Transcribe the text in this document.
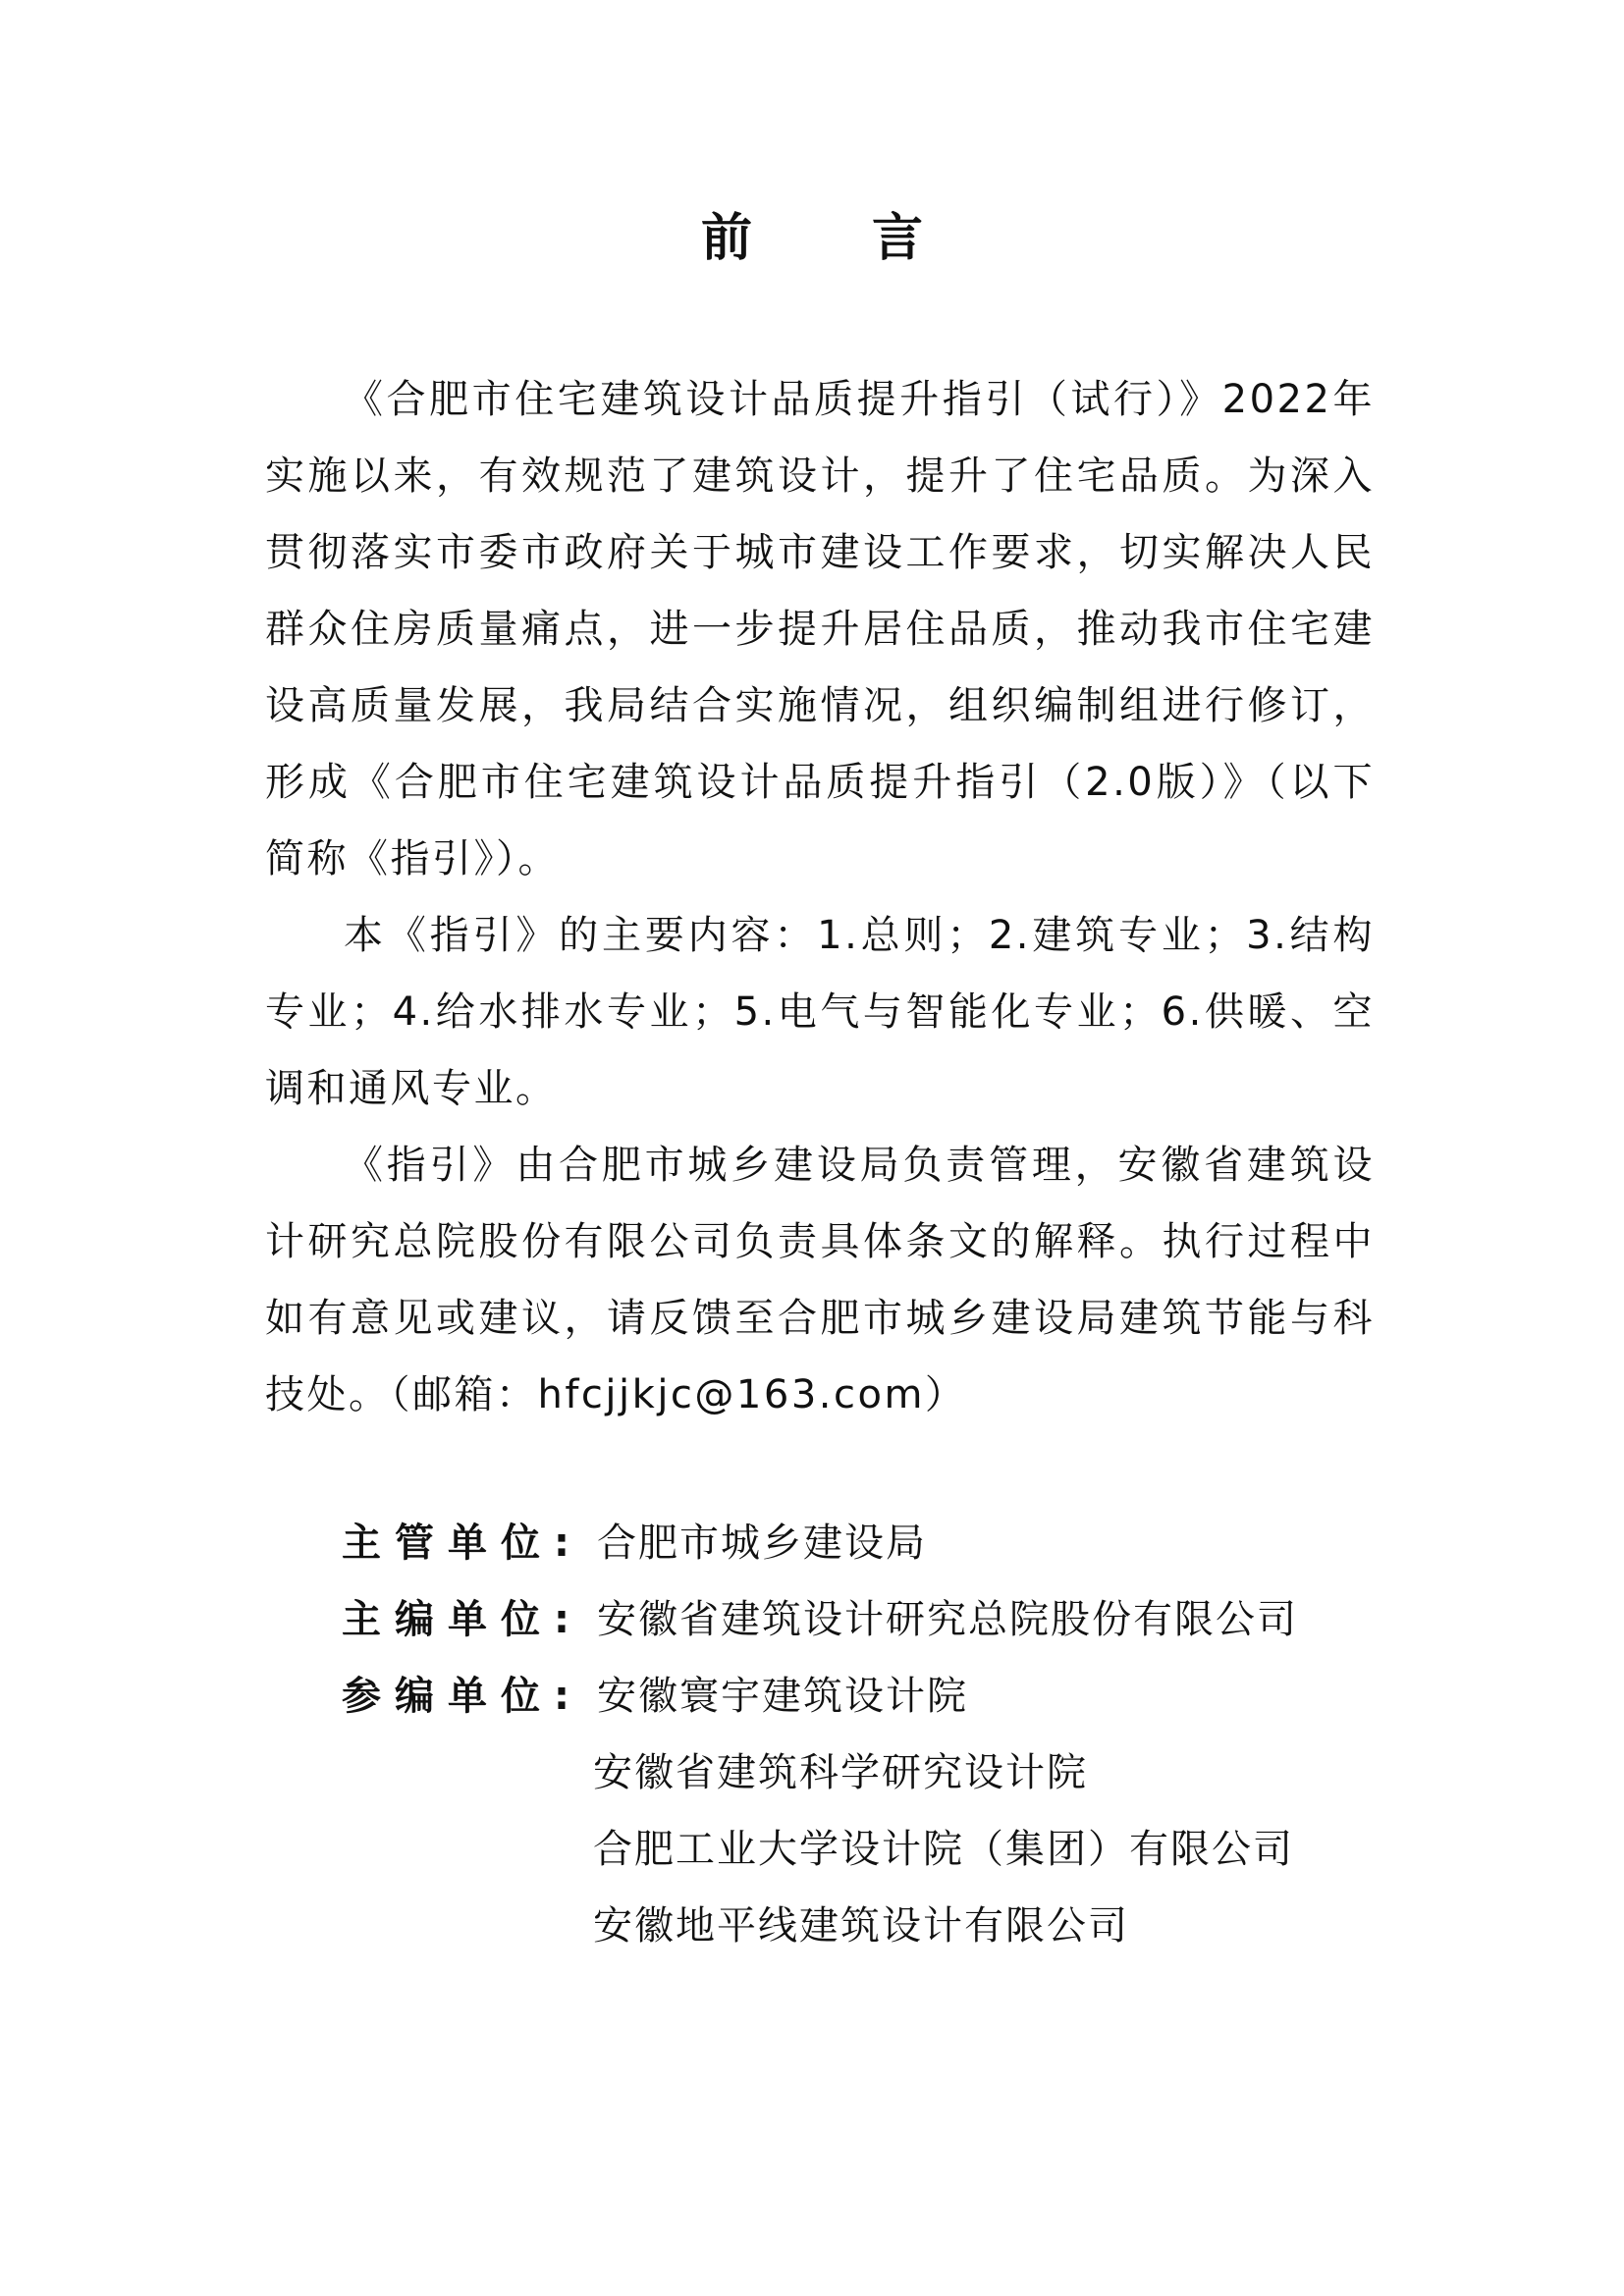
前 言

《合肥市住宅建筑设计品质提升指引（试行）》2022年实施以来，有效规范了建筑设计，提升了住宅品质。为深入贯彻落实市委市政府关于城市建设工作要求，切实解决人民群众住房质量痛点，进一步提升居住品质，推动我市住宅建设高质量发展，我局结合实施情况，组织编制组进行修订，形成《合肥市住宅建筑设计品质提升指引（2.0版）》（以下简称《指引》）。

本《指引》的主要内容：1.总则；2.建筑专业；3.结构专业；4.给水排水专业；5.电气与智能化专业；6.供暖、空调和通风专业。

《指引》由合肥市城乡建设局负责管理，安徽省建筑设计研究总院股份有限公司负责具体条文的解释。执行过程中如有意见或建议，请反馈至合肥市城乡建设局建筑节能与科技处。（邮箱：hfcjjkjc@163.com）

主管单位: 合肥市城乡建设局
主编单位: 安徽省建筑设计研究总院股份有限公司
参编单位: 安徽寰宇建筑设计院
安徽省建筑科学研究设计院
合肥工业大学设计院（集团）有限公司
安徽地平线建筑设计有限公司
